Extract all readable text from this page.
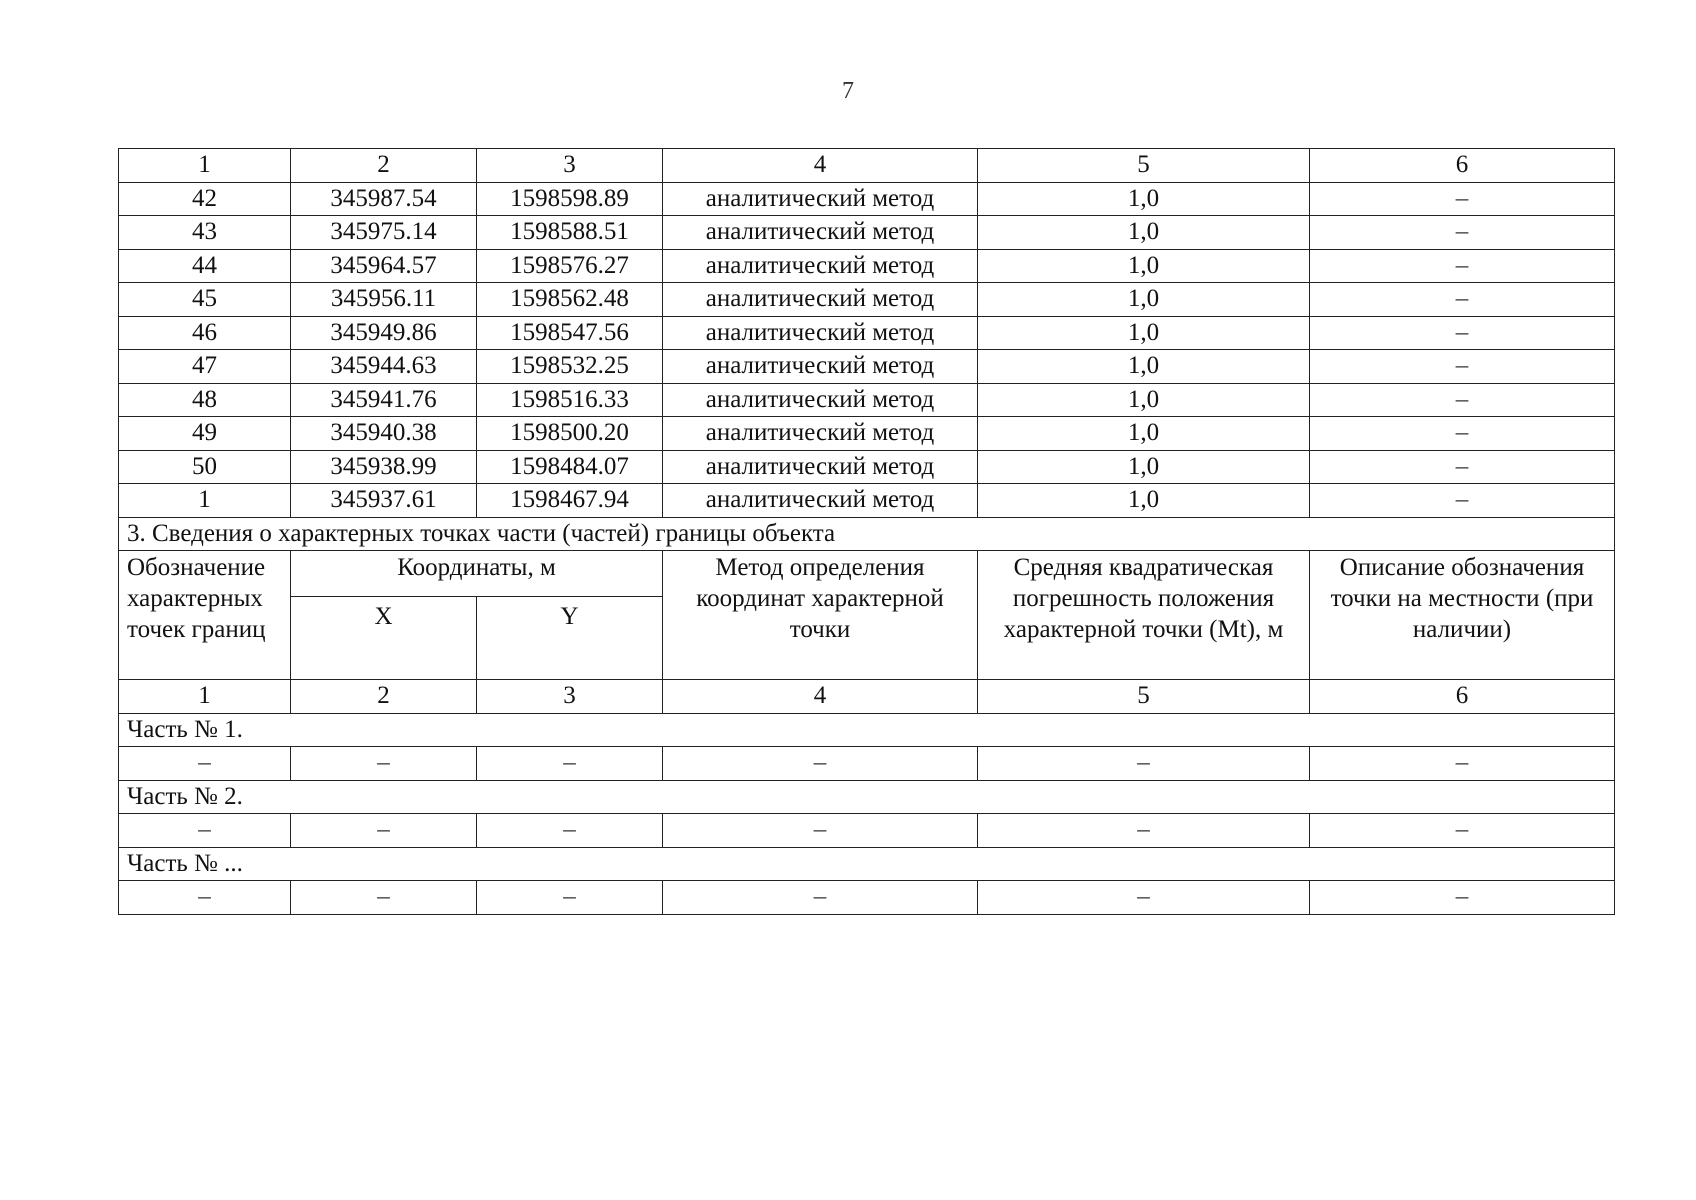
7
1	2	3	4	5	6
42	345987.54	1598598.89	аналитический метод	1,0	–
43	345975.14	1598588.51	аналитический метод	1,0	–
44	345964.57	1598576.27	аналитический метод	1,0	–
45	345956.11	1598562.48	аналитический метод	1,0	–
46	345949.86	1598547.56	аналитический метод	1,0	–
47	345944.63	1598532.25	аналитический метод	1,0	–
48	345941.76	1598516.33	аналитический метод	1,0	–
49	345940.38	1598500.20	аналитический метод	1,0	–
50	345938.99	1598484.07	аналитический метод	1,0	–
1	345937.61	1598467.94	аналитический метод	1,0	–
3. Сведения о характерных точках части (частей) границы объекта					
Обозначение характерных точек границ	Координаты, м		Метод определения координат характерной точки	Средняя квадратическая погрешность положения характерной точки (Mt), м	Описание обозначения точки на местности (при наличии)
	X	Y			
1	2	3	4	5	6
Часть № 1.					
–	–	–	–	–	–
Часть № 2.					
–	–	–	–	–	–
Часть № ...					
–	–	–	–	–	–
